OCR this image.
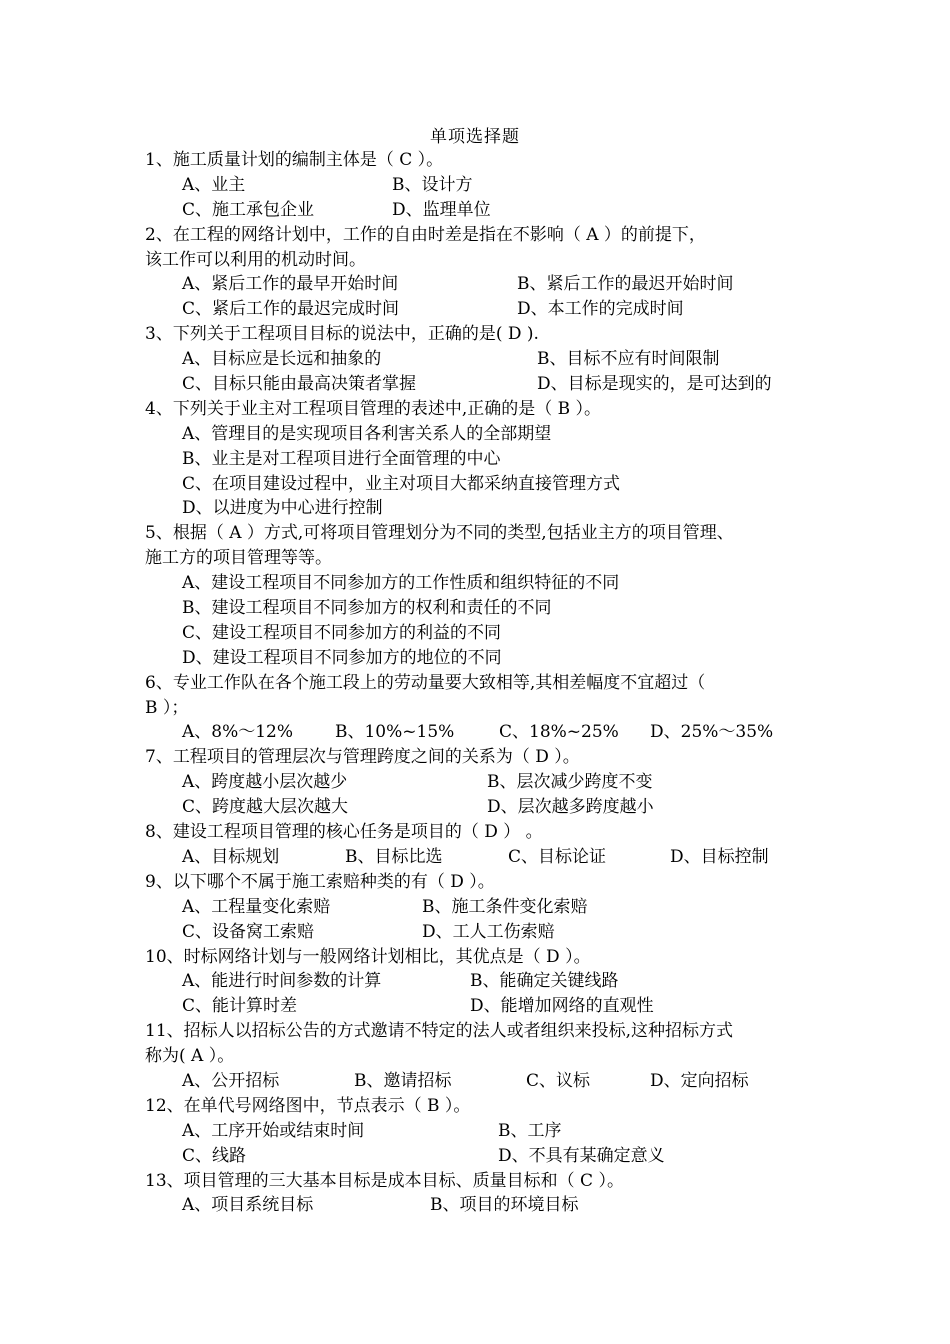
单项选择题
1、施工质量计划的编制主体是（ C ）。
A、业主	B、设计方
C、施工承包企业	D、监理单位
2、在工程的网络计划中，工作的自由时差是指在不影响（ A ）的前提下，
该工作可以利用的机动时间。
A、紧后工作的最早开始时间	B、紧后工作的最迟开始时间
C、紧后工作的最迟完成时间	D、本工作的完成时间
3、下列关于工程项目目标的说法中，正确的是( D ).
A、目标应是长远和抽象的	B、目标不应有时间限制
C、目标只能由最高决策者掌握	D、目标是现实的，是可达到的
4、下列关于业主对工程项目管理的表述中,正确的是（ B ）。
A、管理目的是实现项目各利害关系人的全部期望
B、业主是对工程项目进行全面管理的中心
C、在项目建设过程中，业主对项目大都采纳直接管理方式
D、以进度为中心进行控制
5、根据（ A ）方式,可将项目管理划分为不同的类型,包括业主方的项目管理、
施工方的项目管理等等。
A、建设工程项目不同参加方的工作性质和组织特征的不同
B、建设工程项目不同参加方的权利和责任的不同
C、建设工程项目不同参加方的利益的不同
D、建设工程项目不同参加方的地位的不同
6、专业工作队在各个施工段上的劳动量要大致相等,其相差幅度不宜超过（
B ）；
A、8%～12% B、10%~15%	C、18%~25% D、25%～35%
7、工程项目的管理层次与管理跨度之间的关系为（ D ）。
A、跨度越小层次越少	B、层次减少跨度不变
C、跨度越大层次越大	D、层次越多跨度越小
8、建设工程项目管理的核心任务是项目的（ D ） 。
A、目标规划	B、目标比选	C、目标论证	D、目标控制
9、以下哪个不属于施工索赔种类的有（ D ）。
A、工程量变化索赔	B、施工条件变化索赔
C、设备窝工索赔	D、工人工伤索赔
10、时标网络计划与一般网络计划相比，其优点是（ D ）。
A、能进行时间参数的计算	B、能确定关键线路
C、能计算时差	D、能增加网络的直观性
11、招标人以招标公告的方式邀请不特定的法人或者组织来投标,这种招标方式
称为( A ）。
A、公开招标	B、邀请招标	C、议标	D、定向招标
12、在单代号网络图中，节点表示（ B ）。
A、工序开始或结束时间	B、工序
C、线路	D、不具有某确定意义
13、项目管理的三大基本目标是成本目标、质量目标和（ C ）。
A、项目系统目标	B、项目的环境目标
